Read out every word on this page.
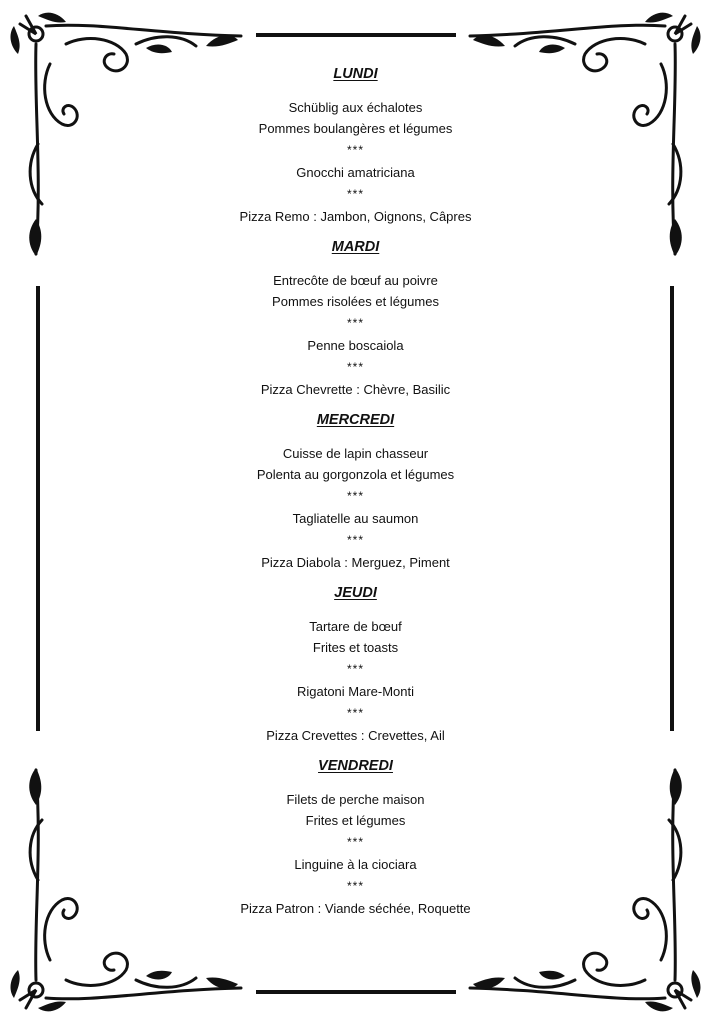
LUNDI
Schüblig aux échalotes
Pommes boulangères et légumes
***
Gnocchi amatriciana
***
Pizza Remo : Jambon, Oignons, Câpres
MARDI
Entrecôte de bœuf au poivre
Pommes risolées et légumes
***
Penne boscaiola
***
Pizza Chevrette : Chèvre, Basilic
MERCREDI
Cuisse de lapin chasseur
Polenta au gorgonzola et légumes
***
Tagliatelle au saumon
***
Pizza Diabola : Merguez, Piment
JEUDI
Tartare de bœuf
Frites et toasts
***
Rigatoni Mare-Monti
***
Pizza Crevettes : Crevettes, Ail
VENDREDI
Filets de perche maison
Frites et légumes
***
Linguine à la ciociara
***
Pizza Patron : Viande séchée, Roquette
